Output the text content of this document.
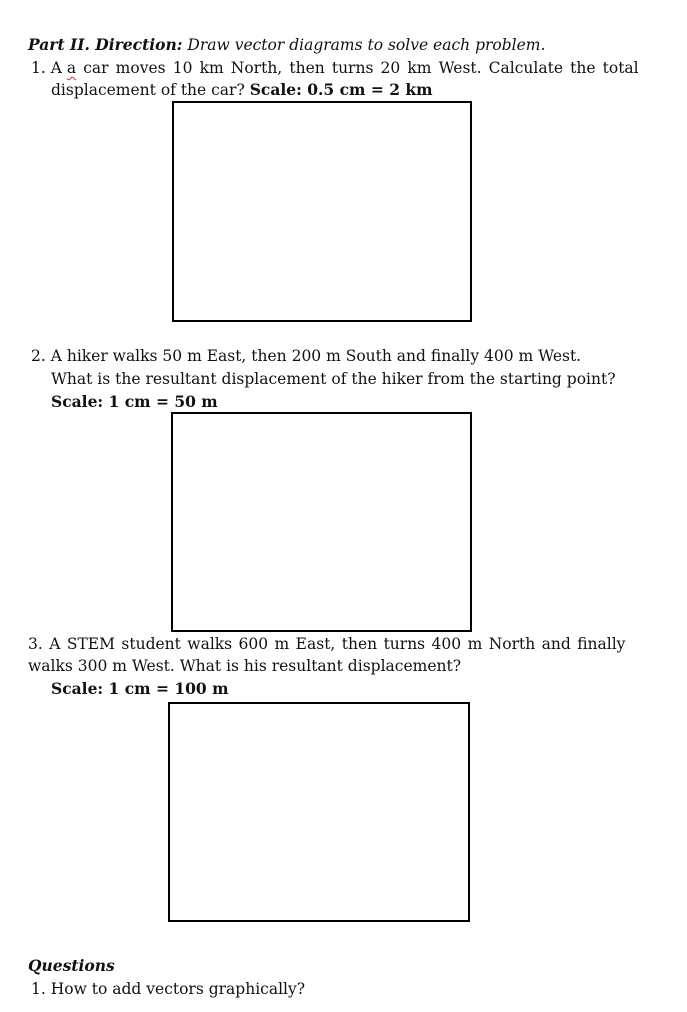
Part II. Direction: Draw vector diagrams to solve each problem.
1. A a car moves 10 km North, then turns 20 km West. Calculate the total
displacement of the car? Scale: 0.5 cm = 2 km
2. A hiker walks 50 m East, then 200 m South and finally 400 m West.
What is the resultant displacement of the hiker from the starting point?
Scale: 1 cm = 50 m
3. A STEM student walks 600 m East, then turns 400 m North and finally
walks 300 m West. What is his resultant displacement?
Scale: 1 cm = 100 m
Questions
1. How to add vectors graphically?
